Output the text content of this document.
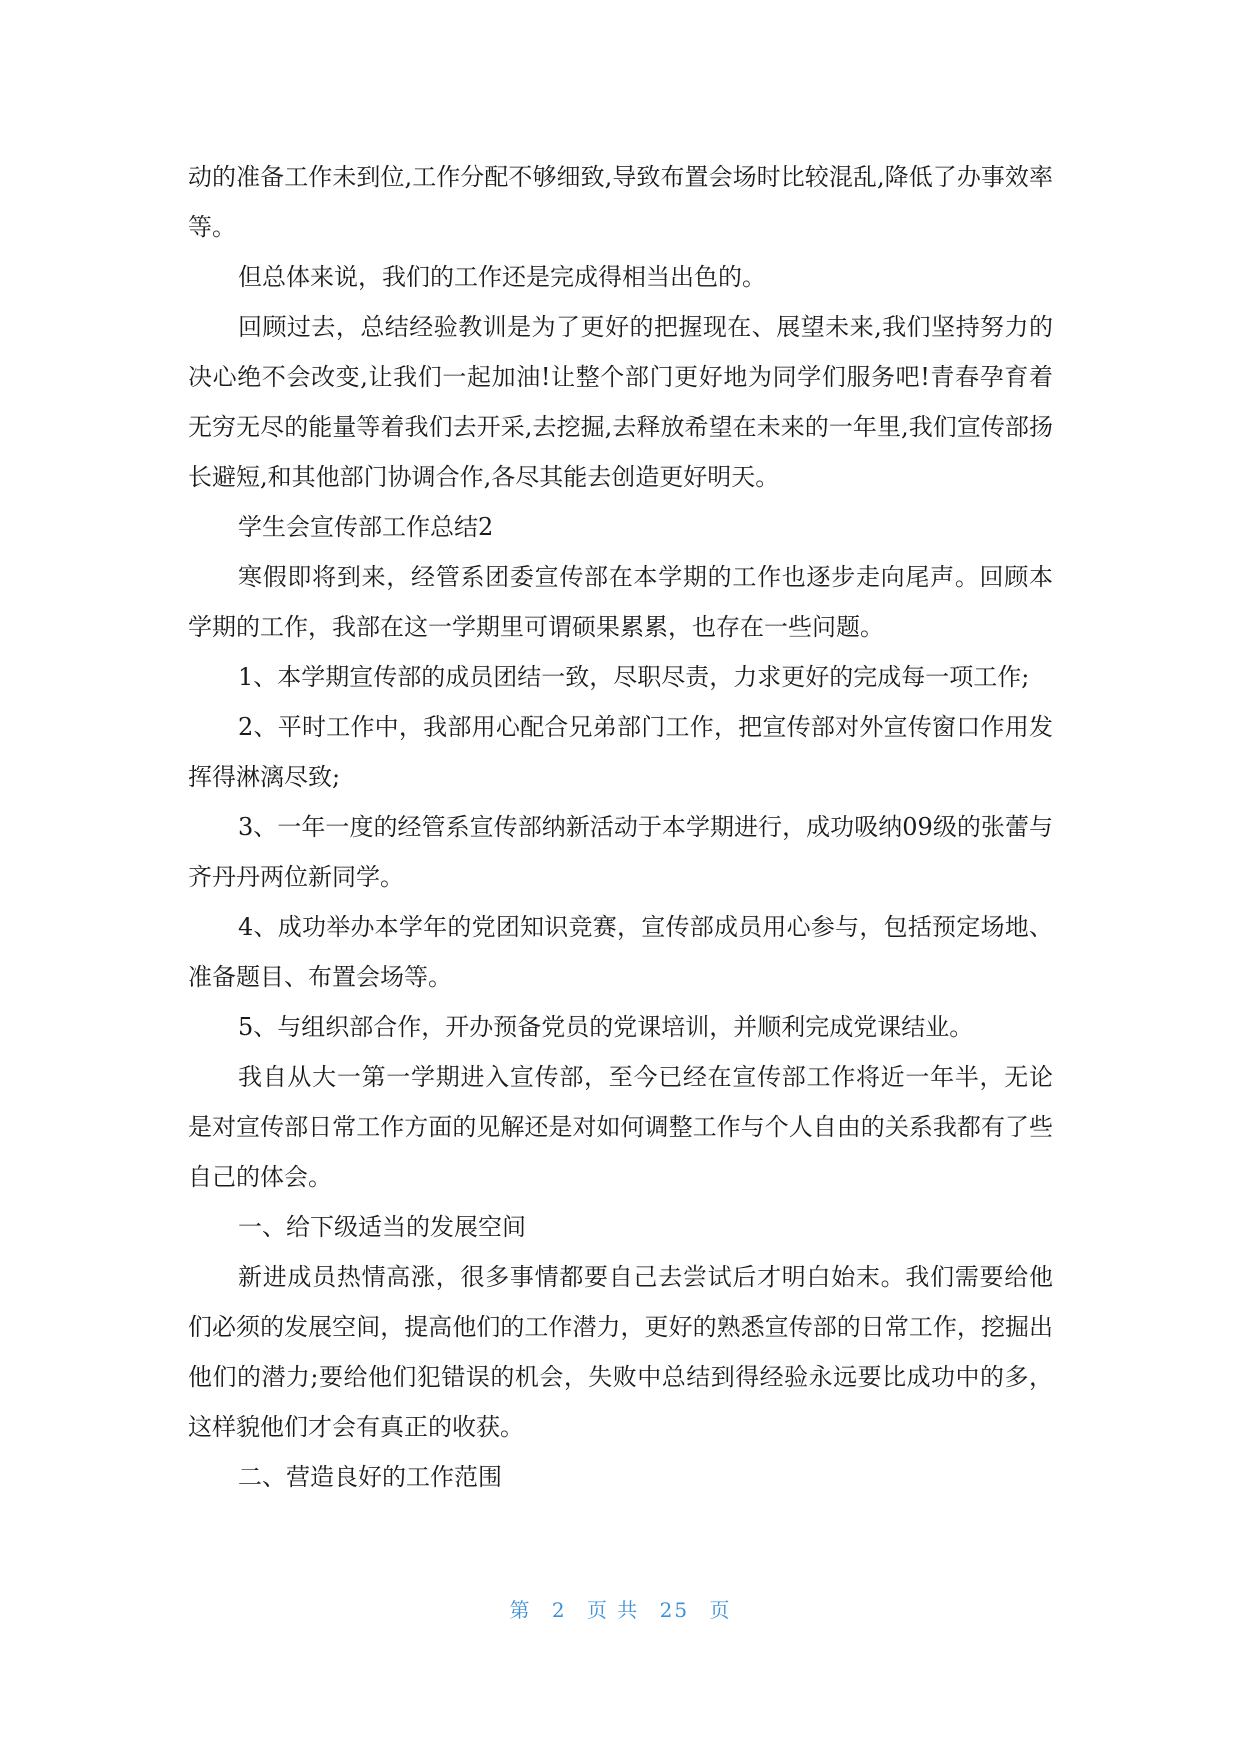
动的准备工作未到位,工作分配不够细致,导致布置会场时比较混乱,降低了办事效率等。

但总体来说，我们的工作还是完成得相当出色的。

回顾过去，总结经验教训是为了更好的把握现在、展望未来,我们坚持努力的决心绝不会改变,让我们一起加油!让整个部门更好地为同学们服务吧!青春孕育着无穷无尽的能量等着我们去开采,去挖掘,去释放希望在未来的一年里,我们宣传部扬长避短,和其他部门协调合作,各尽其能去创造更好明天。

学生会宣传部工作总结2

寒假即将到来，经管系团委宣传部在本学期的工作也逐步走向尾声。回顾本学期的工作，我部在这一学期里可谓硕果累累，也存在一些问题。

1、本学期宣传部的成员团结一致，尽职尽责，力求更好的完成每一项工作;

2、平时工作中，我部用心配合兄弟部门工作，把宣传部对外宣传窗口作用发挥得淋漓尽致;

3、一年一度的经管系宣传部纳新活动于本学期进行，成功吸纳09级的张蕾与齐丹丹两位新同学。

4、成功举办本学年的党团知识竞赛，宣传部成员用心参与，包括预定场地、准备题目、布置会场等。

5、与组织部合作，开办预备党员的党课培训，并顺利完成党课结业。

我自从大一第一学期进入宣传部，至今已经在宣传部工作将近一年半，无论是对宣传部日常工作方面的见解还是对如何调整工作与个人自由的关系我都有了些自己的体会。

一、给下级适当的发展空间

新进成员热情高涨，很多事情都要自己去尝试后才明白始末。我们需要给他们必须的发展空间，提高他们的工作潜力，更好的熟悉宣传部的日常工作，挖掘出他们的潜力;要给他们犯错误的机会，失败中总结到得经验永远要比成功中的多，这样貌他们才会有真正的收获。

二、营造良好的工作范围

第 2 页 共 25 页
